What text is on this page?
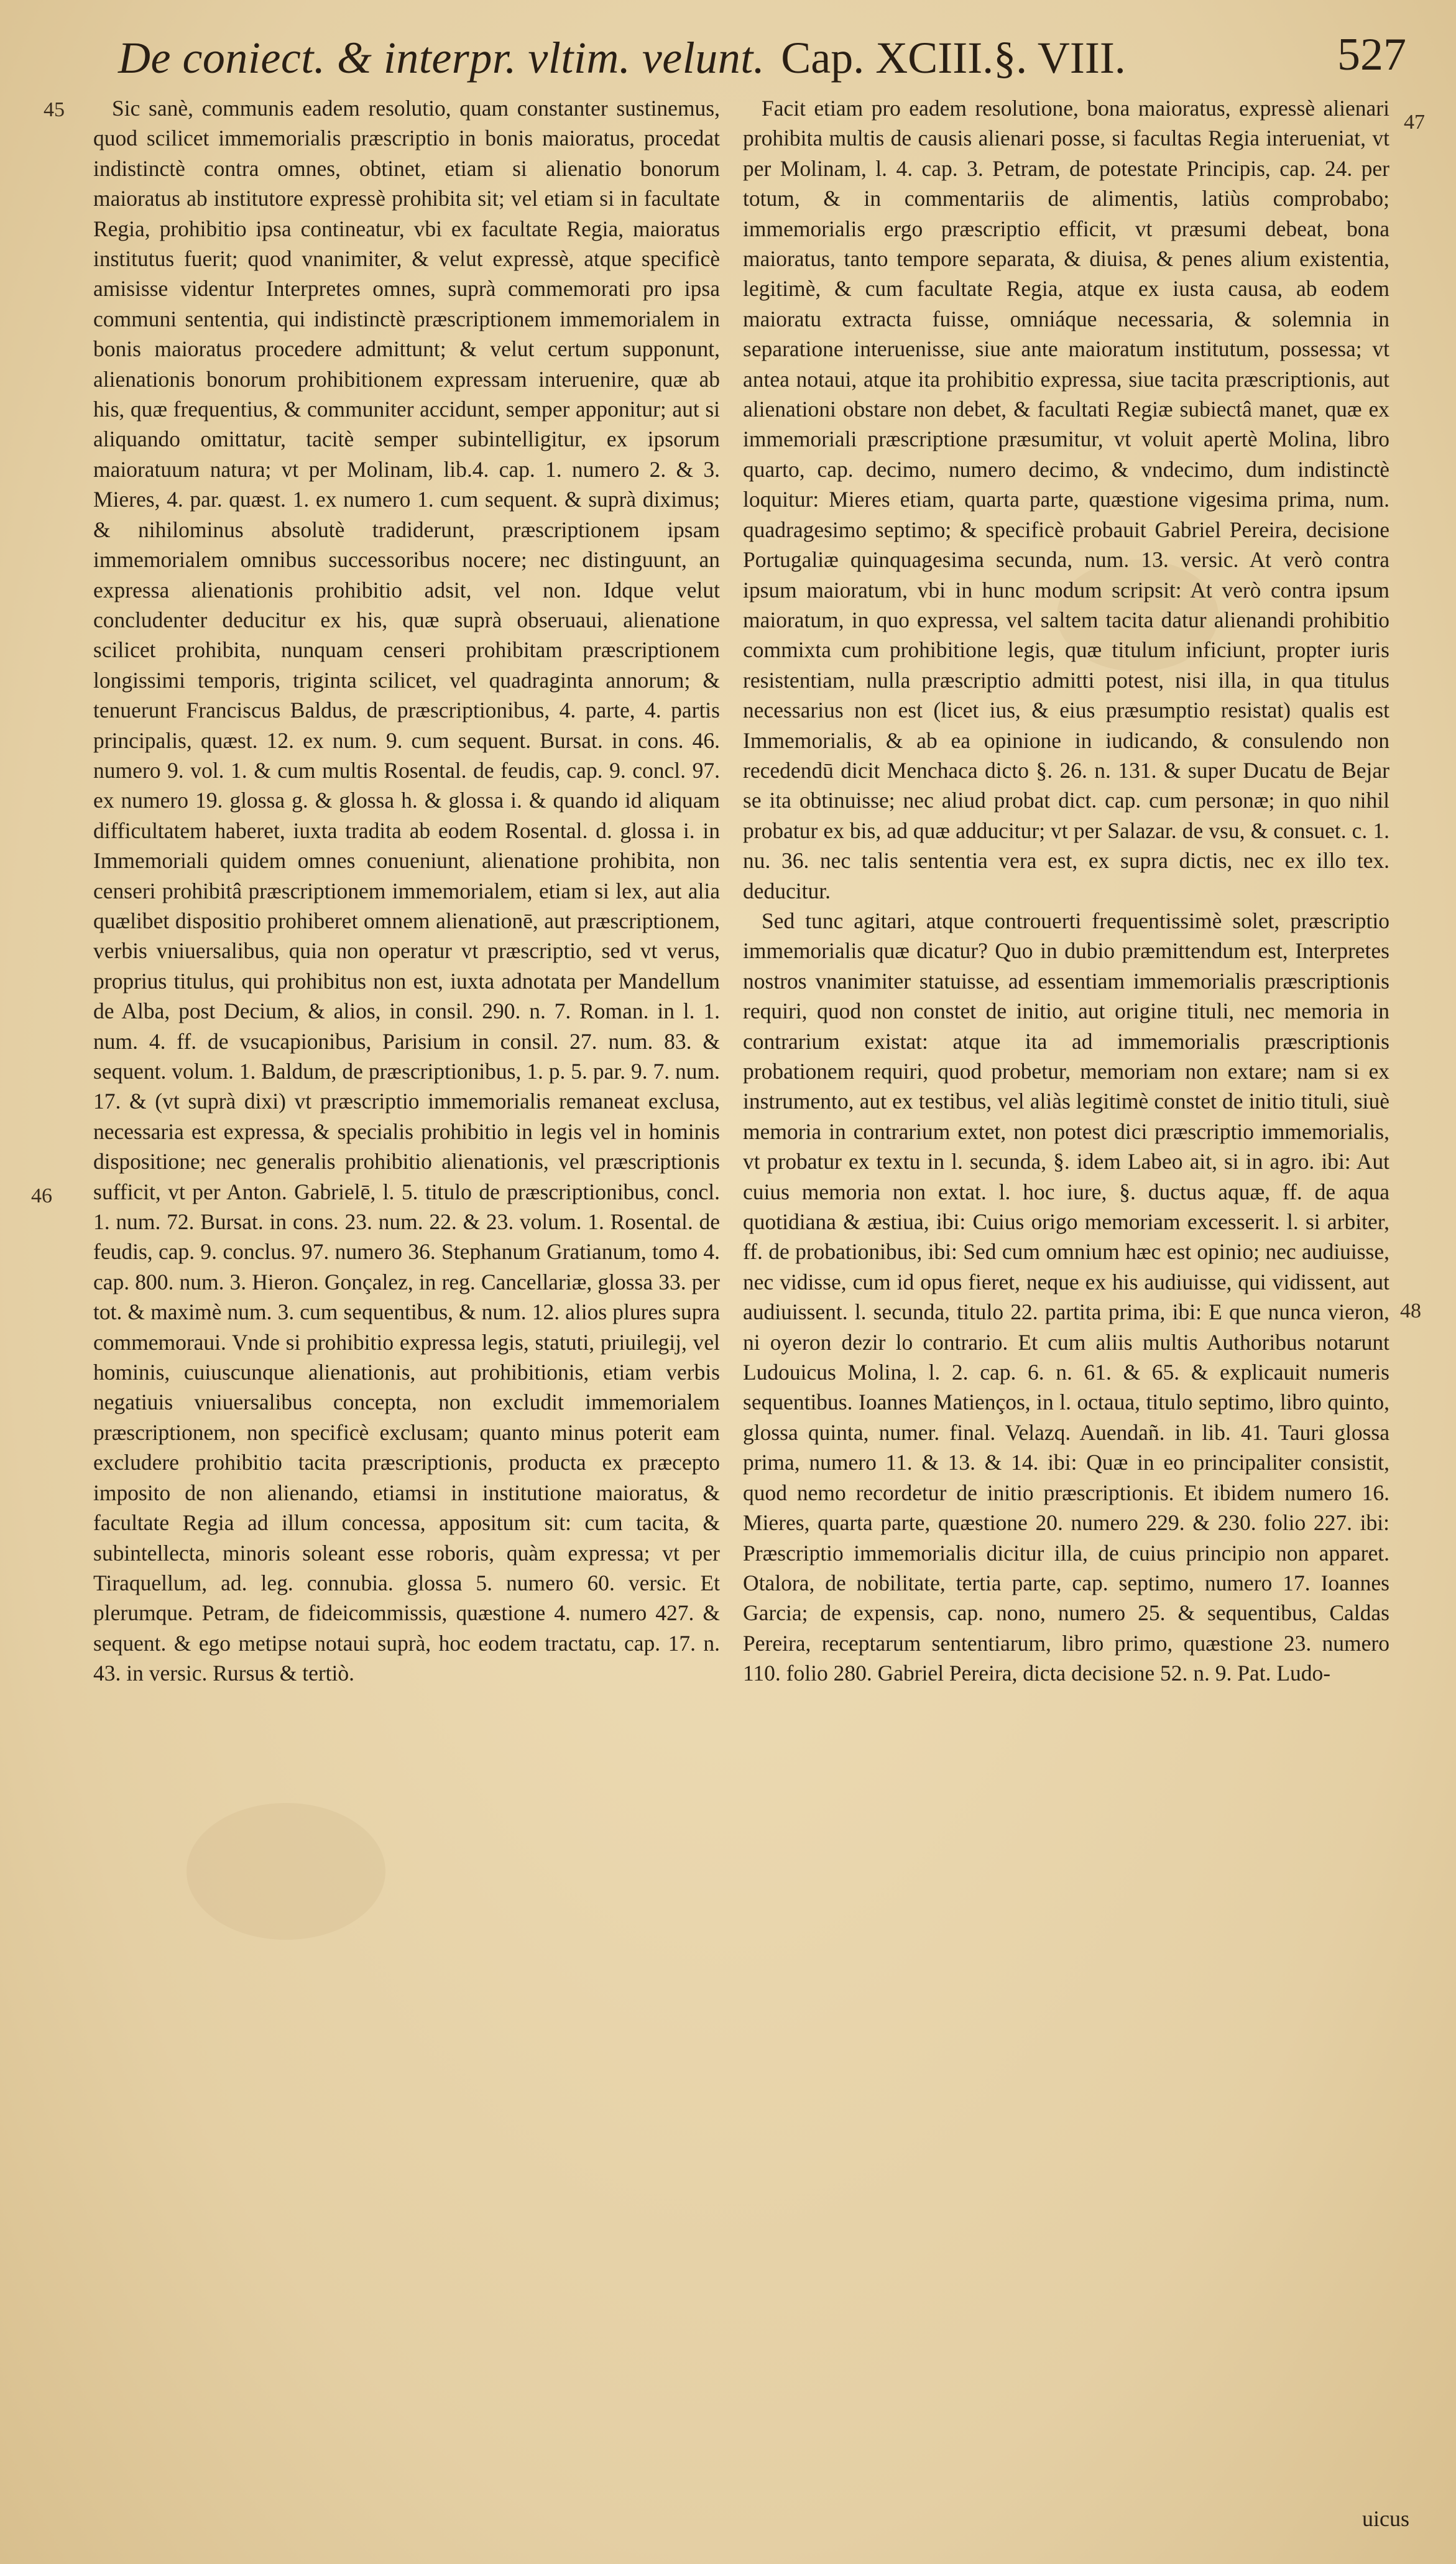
De coniect. & interpr. vltim. velunt. Cap. XCIII.§. VIII.	527
45
46
47
48

Sic sanè, communis eadem resolutio, quam constanter sustinemus, quod scilicet immemorialis præscriptio in bonis maioratus, procedat indistinctè contra omnes, obtinet, etiam si alienatio bonorum maioratus ab institutore expressè prohibita sit; vel etiam si in facultate Regia, prohibitio ipsa contineatur, vbi ex facultate Regia, maioratus institutus fuerit; quod vnanimiter, & velut expressè, atque specificè amisisse videntur Interpretes omnes, suprà commemorati pro ipsa communi sententia, qui indistinctè præscriptionem immemorialem in bonis maioratus procedere admittunt; & velut certum supponunt, alienationis bonorum prohibitionem expressam interuenire, quæ ab his, quæ frequentius, & communiter accidunt, semper apponitur; aut si aliquando omittatur, tacitè semper subintelligitur, ex ipsorum maioratuum natura; vt per Molinam, lib.4. cap. 1. numero 2. & 3. Mieres, 4. par. quæst. 1. ex numero 1. cum sequent. & suprà diximus; & nihilominus absolutè tradiderunt, præscriptionem ipsam immemorialem omnibus successoribus nocere; nec distinguunt, an expressa alienationis prohibitio adsit, vel non. Idque velut concludenter deducitur ex his, quæ suprà obseruaui, alienatione scilicet prohibita, nunquam censeri prohibitam præscriptionem longissimi temporis, triginta scilicet, vel quadraginta annorum; & tenuerunt Franciscus Baldus, de præscriptionibus, 4. parte, 4. partis principalis, quæst. 12. ex num. 9. cum sequent. Bursat. in cons. 46. numero 9. vol. 1. & cum multis Rosental. de feudis, cap. 9. concl. 97. ex numero 19. glossa g. & glossa h. & glossa i. & quando id aliquam difficultatem haberet, iuxta tradita ab eodem Rosental. d. glossa i. in Immemoriali quidem omnes conueniunt, alienatione prohibita, non censeri prohibitâ præscriptionem immemorialem, etiam si lex, aut alia quælibet dispositio prohiberet omnem alienationē, aut præscriptionem, verbis vniuersalibus, quia non operatur vt præscriptio, sed vt verus, proprius titulus, qui prohibitus non est, iuxta adnotata per Mandellum de Alba, post Decium, & alios, in consil. 290. n. 7. Roman. in l. 1. num. 4. ff. de vsucapionibus, Parisium in consil. 27. num. 83. & sequent. volum. 1. Baldum, de præscriptionibus, 1. p. 5. par. 9. 7. num. 17. & (vt suprà dixi) vt præscriptio immemorialis remaneat exclusa, necessaria est expressa, & specialis prohibitio in legis vel in hominis dispositione; nec generalis prohibitio alienationis, vel præscriptionis sufficit, vt per Anton. Gabrielē, l. 5. titulo de præscriptionibus, concl. 1. num. 72. Bursat. in cons. 23. num. 22. & 23. volum. 1. Rosental. de feudis, cap. 9. conclus. 97. numero 36. Stephanum Gratianum, tomo 4. cap. 800. num. 3. Hieron. Gonçalez, in reg. Cancellariæ, glossa 33. per tot. & maximè num. 3. cum sequentibus, & num. 12. alios plures supra commemoraui. Vnde si prohibitio expressa legis, statuti, priuilegij, vel hominis, cuiuscunque alienationis, aut prohibitionis, etiam verbis negatiuis vniuersalibus concepta, non excludit immemorialem præscriptionem, non specificè exclusam; quanto minus poterit eam excludere prohibitio tacita præscriptionis, producta ex præcepto imposito de non alienando, etiamsi in institutione maioratus, & facultate Regia ad illum concessa, appositum sit: cum tacita, & subintellecta, minoris soleant esse roboris, quàm expressa; vt per Tiraquellum, ad. leg. connubia. glossa 5. numero 60. versic. Et plerumque. Petram, de fideicommissis, quæstione 4. numero 427. & sequent. & ego metipse notaui suprà, hoc eodem tractatu, cap. 17. n. 43. in versic. Rursus & tertiò.

Facit etiam pro eadem resolutione, bona maioratus, expressè alienari prohibita multis de causis alienari posse, si facultas Regia interueniat, vt per Molinam, l. 4. cap. 3. Petram, de potestate Principis, cap. 24. per totum, & in commentariis de alimentis, latiùs comprobabo; immemorialis ergo præscriptio efficit, vt præsumi debeat, bona maioratus, tanto tempore separata, & diuisa, & penes alium existentia, legitimè, & cum facultate Regia, atque ex iusta causa, ab eodem maioratu extracta fuisse, omniáque necessaria, & solemnia in separatione interuenisse, siue ante maioratum institutum, possessa; vt antea notaui, atque ita prohibitio expressa, siue tacita præscriptionis, aut alienationi obstare non debet, & facultati Regiæ subiectâ manet, quæ ex immemoriali præscriptione præsumitur, vt voluit apertè Molina, libro quarto, cap. decimo, numero decimo, & vndecimo, dum indistinctè loquitur: Mieres etiam, quarta parte, quæstione vigesima prima, num. quadragesimo septimo; & specificè probauit Gabriel Pereira, decisione Portugaliæ quinquagesima secunda, num. 13. versic. At verò contra ipsum maioratum, vbi in hunc modum scripsit: At verò contra ipsum maioratum, in quo expressa, vel saltem tacita datur alienandi prohibitio commixta cum prohibitione legis, quæ titulum inficiunt, propter iuris resistentiam, nulla præscriptio admitti potest, nisi illa, in qua titulus necessarius non est (licet ius, & eius præsumptio resistat) qualis est Immemorialis, & ab ea opinione in iudicando, & consulendo non recedendū dicit Menchaca dicto §. 26. n. 131. & super Ducatu de Bejar se ita obtinuisse; nec aliud probat dict. cap. cum personæ; in quo nihil probatur ex bis, ad quæ adducitur; vt per Salazar. de vsu, & consuet. c. 1. nu. 36. nec talis sententia vera est, ex supra dictis, nec ex illo tex. deducitur.

Sed tunc agitari, atque controuerti frequentissimè solet, præscriptio immemorialis quæ dicatur? Quo in dubio præmittendum est, Interpretes nostros vnanimiter statuisse, ad essentiam immemorialis præscriptionis requiri, quod non constet de initio, aut origine tituli, nec memoria in contrarium existat: atque ita ad immemorialis præscriptionis probationem requiri, quod probetur, memoriam non extare; nam si ex instrumento, aut ex testibus, vel aliàs legitimè constet de initio tituli, siuè memoria in contrarium extet, non potest dici præscriptio immemorialis, vt probatur ex textu in l. secunda, §. idem Labeo ait, si in agro. ibi: Aut cuius memoria non extat. l. hoc iure, §. ductus aquæ, ff. de aqua quotidiana & æstiua, ibi: Cuius origo memoriam excesserit. l. si arbiter, ff. de probationibus, ibi: Sed cum omnium hæc est opinio; nec audiuisse, nec vidisse, cum id opus fieret, neque ex his audiuisse, qui vidissent, aut audiuissent. l. secunda, titulo 22. partita prima, ibi: E que nunca vieron, ni oyeron dezir lo contrario. Et cum aliis multis Authoribus notarunt Ludouicus Molina, l. 2. cap. 6. n. 61. & 65. & explicauit numeris sequentibus. Ioannes Matienços, in l. octaua, titulo septimo, libro quinto, glossa quinta, numer. final. Velazq. Auendañ. in lib. 41. Tauri glossa prima, numero 11. & 13. & 14. ibi: Quæ in eo principaliter consistit, quod nemo recordetur de initio præscriptionis. Et ibidem numero 16. Mieres, quarta parte, quæstione 20. numero 229. & 230. folio 227. ibi: Præscriptio immemorialis dicitur illa, de cuius principio non apparet. Otalora, de nobilitate, tertia parte, cap. septimo, numero 17. Ioannes Garcia; de expensis, cap. nono, numero 25. & sequentibus, Caldas Pereira, receptarum sententiarum, libro primo, quæstione 23. numero 110. folio 280. Gabriel Pereira, dicta decisione 52. n. 9. Pat. Ludo-

uicus
